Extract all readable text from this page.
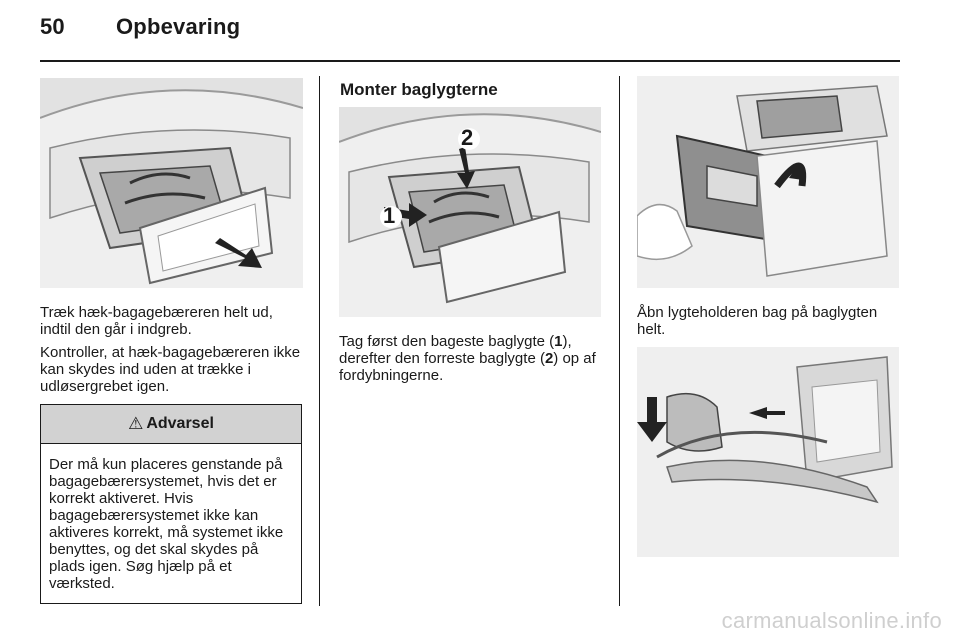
50 Opbevaring

Træk hæk-bagagebæreren helt ud, indtil den går i indgreb.

Kontroller, at hæk-bagagebæreren ikke kan skydes ind uden at trække i udløsergrebet igen.

⚠ Advarsel

Der må kun placeres genstande på bagagebærersystemet, hvis det er korrekt aktiveret. Hvis bagagebærersystemet ikke kan aktiveres korrekt, må systemet ikke benyttes, og det skal skydes på plads igen. Søg hjælp på et værksted.

Monter baglygterne

1
2

Tag først den bageste baglygte (1), derefter den forreste baglygte (2) op af fordybningerne.

Åbn lygteholderen bag på baglygten helt.

carmanualsonline.info
